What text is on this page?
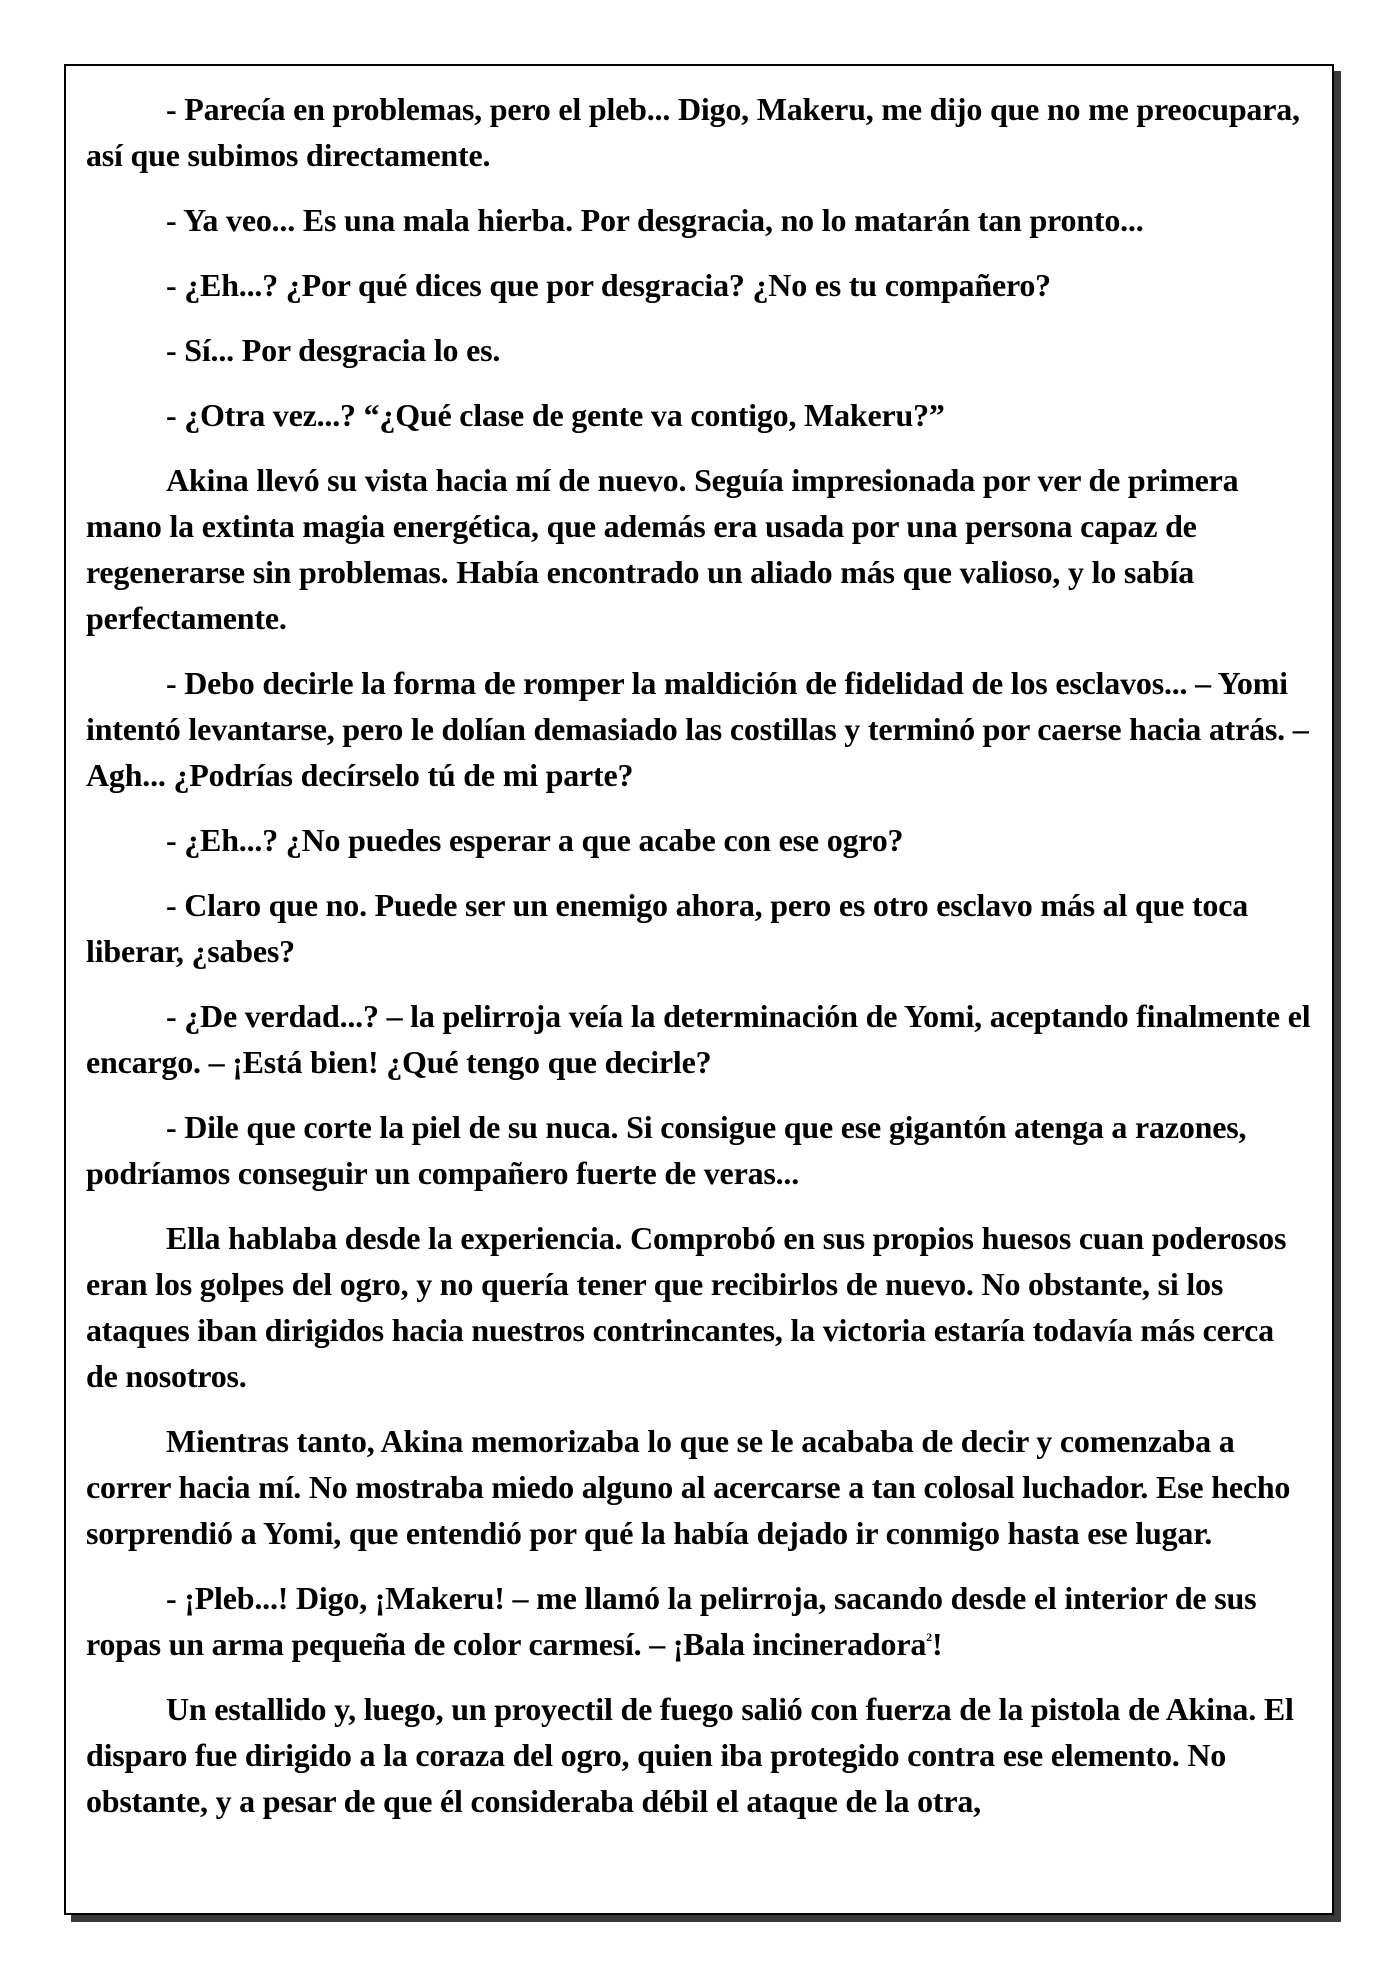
- Parecía en problemas, pero el pleb... Digo, Makeru, me dijo que no me preocupara, así que subimos directamente.

- Ya veo... Es una mala hierba. Por desgracia, no lo matarán tan pronto...

- ¿Eh...? ¿Por qué dices que por desgracia? ¿No es tu compañero?

- Sí... Por desgracia lo es.

- ¿Otra vez...? “¿Qué clase de gente va contigo, Makeru?”

Akina llevó su vista hacia mí de nuevo. Seguía impresionada por ver de primera mano la extinta magia energética, que además era usada por una persona capaz de regenerarse sin problemas. Había encontrado un aliado más que valioso, y lo sabía perfectamente.

- Debo decirle la forma de romper la maldición de fidelidad de los esclavos... – Yomi intentó levantarse, pero le dolían demasiado las costillas y terminó por caerse hacia atrás. – Agh... ¿Podrías decírselo tú de mi parte?

- ¿Eh...? ¿No puedes esperar a que acabe con ese ogro?

- Claro que no. Puede ser un enemigo ahora, pero es otro esclavo más al que toca liberar, ¿sabes?

- ¿De verdad...? – la pelirroja veía la determinación de Yomi, aceptando finalmente el encargo. – ¡Está bien! ¿Qué tengo que decirle?

- Dile que corte la piel de su nuca. Si consigue que ese gigantón atenga a razones, podríamos conseguir un compañero fuerte de veras...

Ella hablaba desde la experiencia. Comprobó en sus propios huesos cuan poderosos eran los golpes del ogro, y no quería tener que recibirlos de nuevo. No obstante, si los ataques iban dirigidos hacia nuestros contrincantes, la victoria estaría todavía más cerca de nosotros.

Mientras tanto, Akina memorizaba lo que se le acababa de decir y comenzaba a correr hacia mí. No mostraba miedo alguno al acercarse a tan colosal luchador. Ese hecho sorprendió a Yomi, que entendió por qué la había dejado ir conmigo hasta ese lugar.

- ¡Pleb...! Digo, ¡Makeru! – me llamó la pelirroja, sacando desde el interior de sus ropas un arma pequeña de color carmesí. – ¡Bala incineradora$^2$!

Un estallido y, luego, un proyectil de fuego salió con fuerza de la pistola de Akina. El disparo fue dirigido a la coraza del ogro, quien iba protegido contra ese elemento. No obstante, y a pesar de que él consideraba débil el ataque de la otra,
